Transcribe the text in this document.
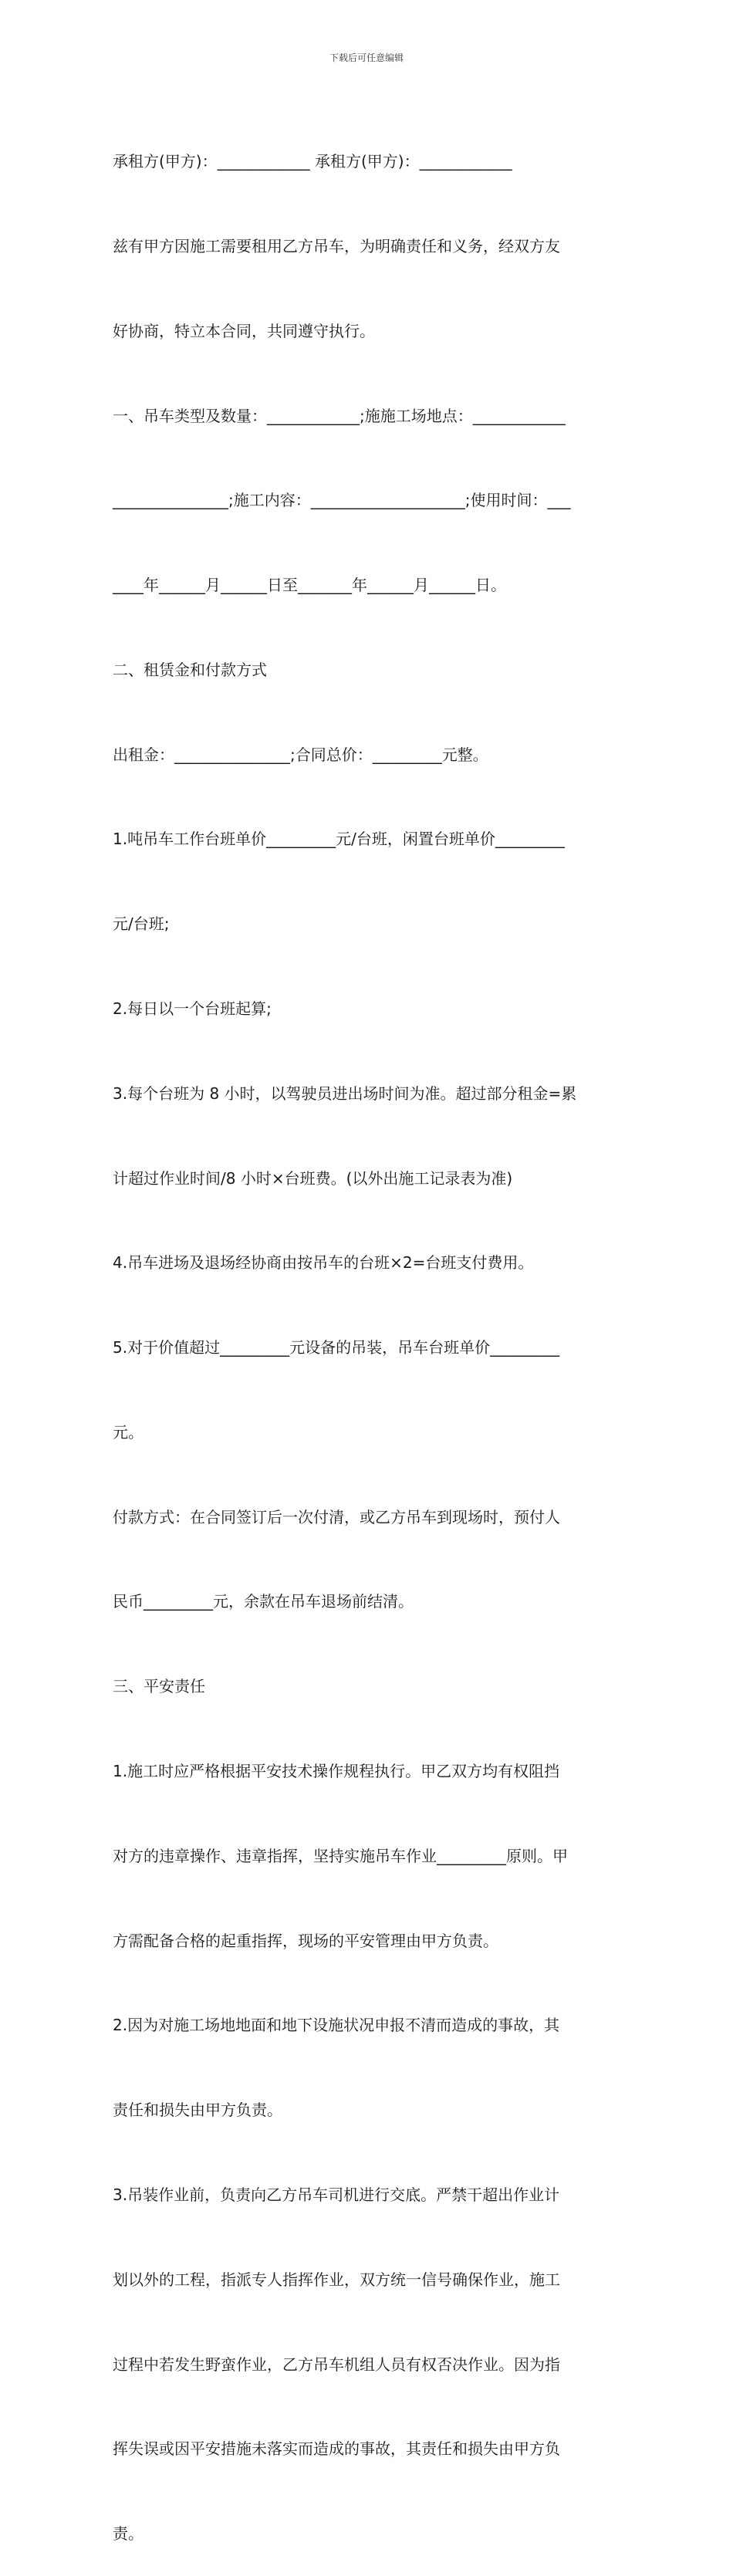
下载后可任意编辑

承租方(甲方)：____________ 承租方(甲方)：____________

兹有甲方因施工需要租用乙方吊车，为明确责任和义务，经双方友

好协商，特立本合同，共同遵守执行。

一、吊车类型及数量：____________;施施工场地点：____________

_______________;施工内容：____________________;使用时间：___

____年______月______日至_______年______月______日。

二、租赁金和付款方式

出租金：_______________;合同总价：_________元整。

1.吨吊车工作台班单价_________元/台班，闲置台班单价_________

元/台班;

2.每日以一个台班起算;

3.每个台班为 8 小时，以驾驶员进出场时间为准。超过部分租金=累

计超过作业时间/8 小时×台班费。(以外出施工记录表为准)

4.吊车进场及退场经协商由按吊车的台班×2=台班支付费用。

5.对于价值超过_________元设备的吊装，吊车台班单价_________

元。

付款方式：在合同签订后一次付清，或乙方吊车到现场时，预付人

民币_________元，余款在吊车退场前结清。

三、平安责任

1.施工时应严格根据平安技术操作规程执行。甲乙双方均有权阻挡

对方的违章操作、违章指挥，坚持实施吊车作业_________原则。甲

方需配备合格的起重指挥，现场的平安管理由甲方负责。

2.因为对施工场地地面和地下设施状况申报不清而造成的事故，其

责任和损失由甲方负责。

3.吊装作业前，负责向乙方吊车司机进行交底。严禁干超出作业计

划以外的工程，指派专人指挥作业，双方统一信号确保作业，施工

过程中若发生野蛮作业，乙方吊车机组人员有权否决作业。因为指

挥失误或因平安措施未落实而造成的事故，其责任和损失由甲方负

责。
